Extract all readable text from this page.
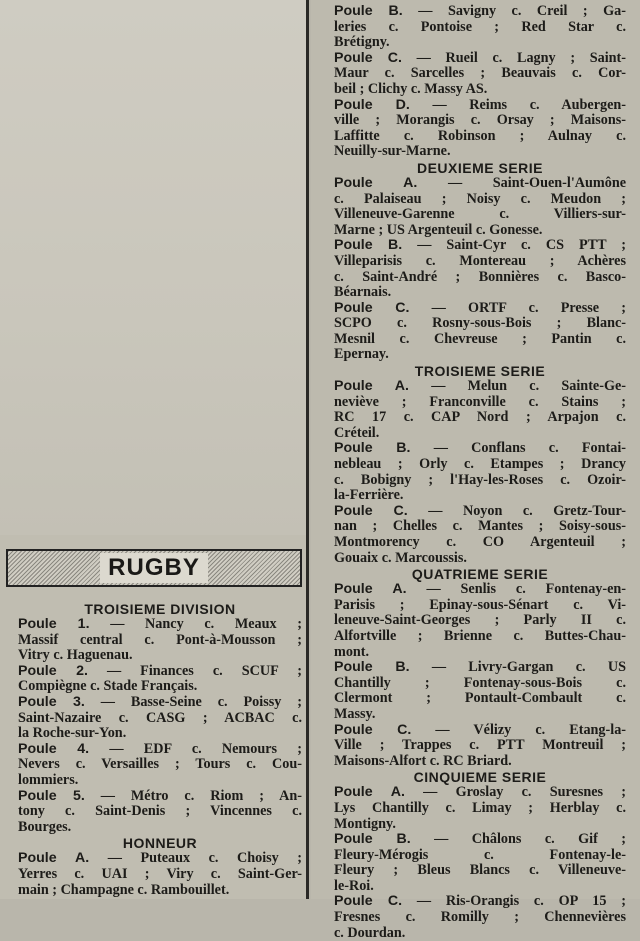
RUGBY
TROISIEME DIVISION
Poule 1. — Nancy c. Meaux ;
Massif central c. Pont-à-Mousson ;
Vitry c. Haguenau.
Poule 2. — Finances c. SCUF ;
Compiègne c. Stade Français.
Poule 3. — Basse-Seine c. Poissy ;
Saint-Nazaire c. CASG ; ACBAC c.
la Roche-sur-Yon.
Poule 4. — EDF c. Nemours ;
Nevers c. Versailles ; Tours c. Cou-
lommiers.
Poule 5. — Métro c. Riom ; An-
tony c. Saint-Denis ; Vincennes c.
Bourges.
HONNEUR
Poule A. — Puteaux c. Choisy ;
Yerres c. UAI ; Viry c. Saint-Ger-
main ; Champagne c. Rambouillet.
Poule B. — Savigny c. Creil ; Ga-
leries c. Pontoise ; Red Star c.
Brétigny.
Poule C. — Rueil c. Lagny ; Saint-
Maur c. Sarcelles ; Beauvais c. Cor-
beil ; Clichy c. Massy AS.
Poule D. — Reims c. Aubergen-
ville ; Morangis c. Orsay ; Maisons-
Laffitte c. Robinson ; Aulnay c.
Neuilly-sur-Marne.
DEUXIEME SERIE
Poule A. — Saint-Ouen-l'Aumône
c. Palaiseau ; Noisy c. Meudon ;
Villeneuve-Garenne c. Villiers-sur-
Marne ; US Argenteuil c. Gonesse.
Poule B. — Saint-Cyr c. CS PTT ;
Villeparisis c. Montereau ; Achères
c. Saint-André ; Bonnières c. Basco-
Béarnais.
Poule C. — ORTF c. Presse ;
SCPO c. Rosny-sous-Bois ; Blanc-
Mesnil c. Chevreuse ; Pantin c.
Epernay.
TROISIEME SERIE
Poule A. — Melun c. Sainte-Ge-
neviève ; Franconville c. Stains ;
RC 17 c. CAP Nord ; Arpajon c.
Créteil.
Poule B. — Conflans c. Fontai-
nebleau ; Orly c. Etampes ; Drancy
c. Bobigny ; l'Hay-les-Roses c. Ozoir-
la-Ferrière.
Poule C. — Noyon c. Gretz-Tour-
nan ; Chelles c. Mantes ; Soisy-sous-
Montmorency c. CO Argenteuil ;
Gouaix c. Marcoussis.
QUATRIEME SERIE
Poule A. — Senlis c. Fontenay-en-
Parisis ; Epinay-sous-Sénart c. Vi-
leneuve-Saint-Georges ; Parly II c.
Alfortville ; Brienne c. Buttes-Chau-
mont.
Poule B. — Livry-Gargan c. US
Chantilly ; Fontenay-sous-Bois c.
Clermont ; Pontault-Combault c.
Massy.
Poule C. — Vélizy c. Etang-la-
Ville ; Trappes c. PTT Montreuil ;
Maisons-Alfort c. RC Briard.
CINQUIEME SERIE
Poule A. — Groslay c. Suresnes ;
Lys Chantilly c. Limay ; Herblay c.
Montigny.
Poule B. — Châlons c. Gif ;
Fleury-Mérogis c. Fontenay-le-
Fleury ; Bleus Blancs c. Villeneuve-
le-Roi.
Poule C. — Ris-Orangis c. OP 15 ;
Fresnes c. Romilly ; Chennevières
c. Dourdan.
